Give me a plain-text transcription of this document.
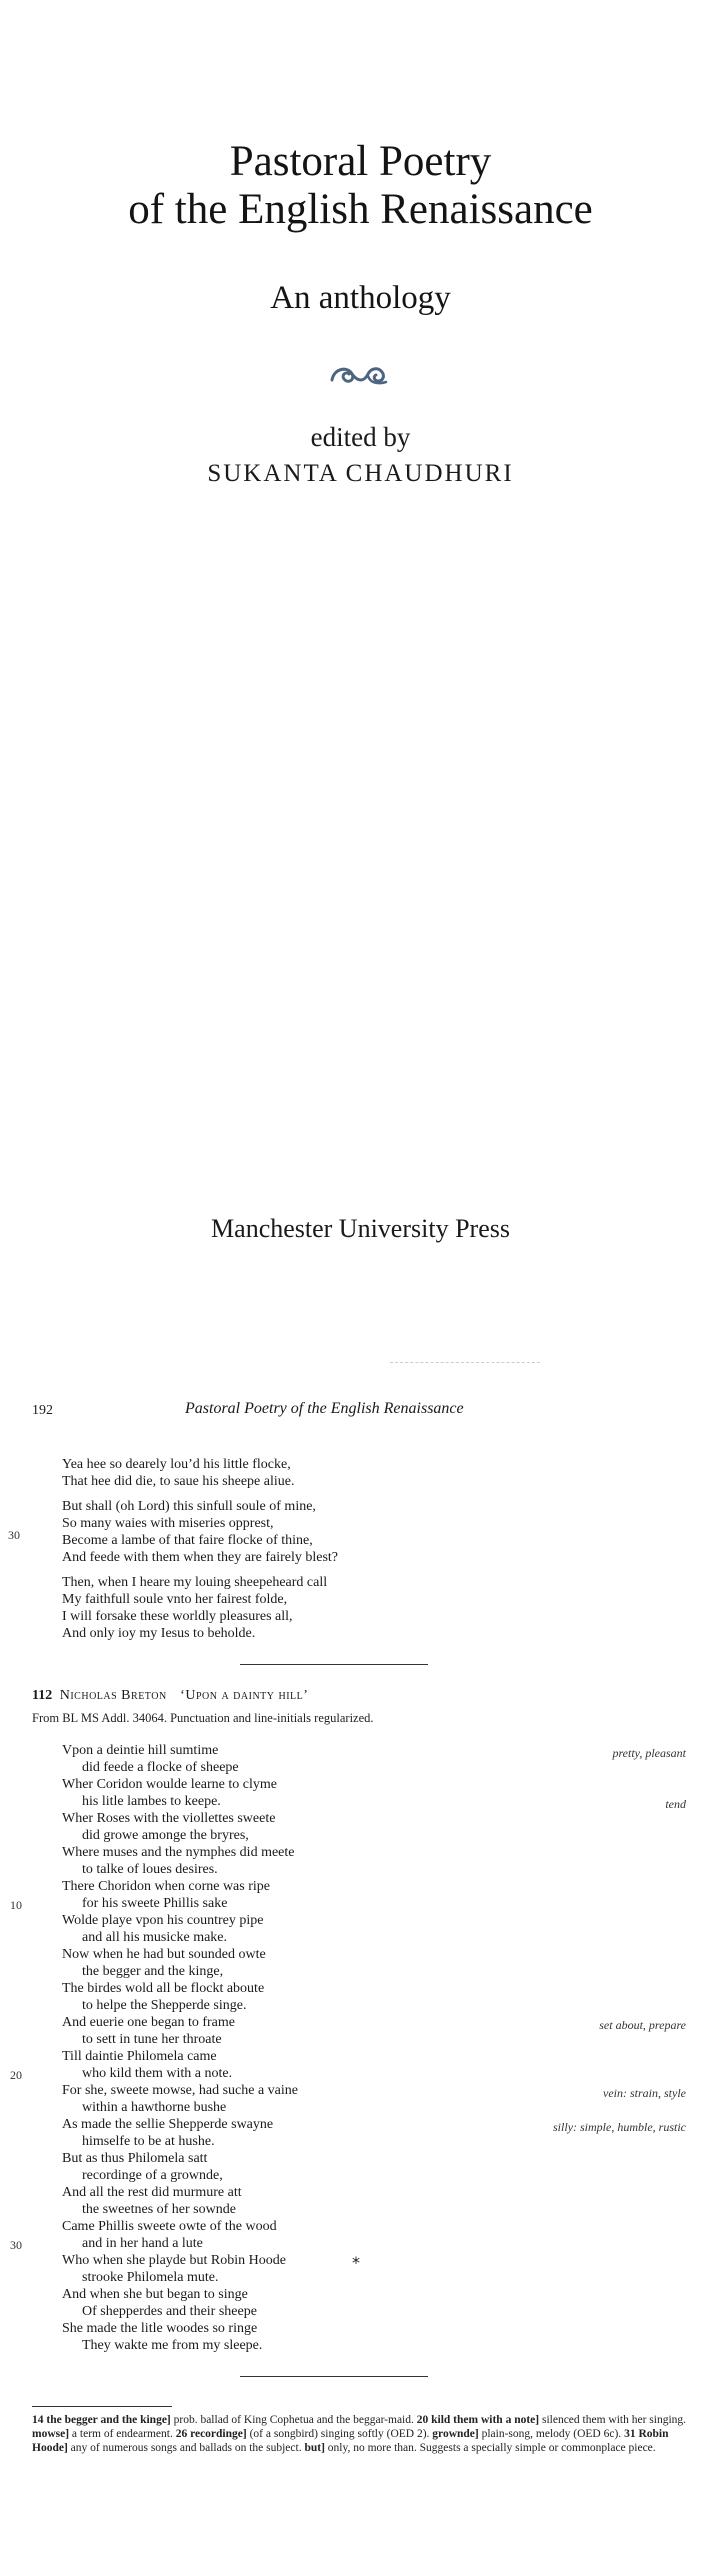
Pastoral Poetry
of the English Renaissance
An anthology
edited by
SUKANTA CHAUDHURI
Manchester University Press
192	Pastoral Poetry of the English Renaissance
Yea hee so dearely lou’d his little flocke,
That hee did die, to saue his sheepe aliue.
But shall (oh Lord) this sinfull soule of mine,
So many waies with miseries opprest,
Become a lambe of that faire flocke of thine,
And feede with them when they are fairely blest?
Then, when I heare my louing sheepeheard call
My faithfull soule vnto her fairest folde,
I will forsake these worldly pleasures all,
And only ioy my Iesus to beholde.
30
112 Nicholas Breton ‘Upon a dainty hill’
From BL MS Addl. 34064. Punctuation and line-initials regularized.
Vpon a deintie hill sumtime
did feede a flocke of sheepe
Wher Coridon woulde learne to clyme
his litle lambes to keepe.
Wher Roses with the viollettes sweete
did growe amonge the bryres,
Where muses and the nymphes did meete
to talke of loues desires.
There Choridon when corne was ripe
for his sweete Phillis sake
Wolde playe vpon his countrey pipe
and all his musicke make.
Now when he had but sounded owte
the begger and the kinge,
The birdes wold all be flockt aboute
to helpe the Shepperde singe.
And euerie one began to frame
to sett in tune her throate
Till daintie Philomela came
who kild them with a note.
For she, sweete mowse, had suche a vaine
within a hawthorne bushe
As made the sellie Shepperde swayne
himselfe to be at hushe.
But as thus Philomela satt
recordinge of a grownde,
And all the rest did murmure att
the sweetnes of her sownde
Came Phillis sweete owte of the wood
and in her hand a lute
Who when she playde but Robin Hoode
strooke Philomela mute.
And when she but began to singe
Of shepperdes and their sheepe
She made the litle woodes so ringe
They wakte me from my sleepe.
10
20
30
*
pretty, pleasant
tend
set about, prepare
vein: strain, style
silly: simple, humble, rustic
14 the begger and the kinge] prob. ballad of King Cophetua and the beggar-maid. 20 kild them with a note] silenced them with her singing. mowse] a term of endearment. 26 recordinge] (of a songbird) singing softly (OED 2). grownde] plain-song, melody (OED 6c). 31 Robin Hoode] any of numerous songs and ballads on the subject. but] only, no more than. Suggests a specially simple or commonplace piece.
